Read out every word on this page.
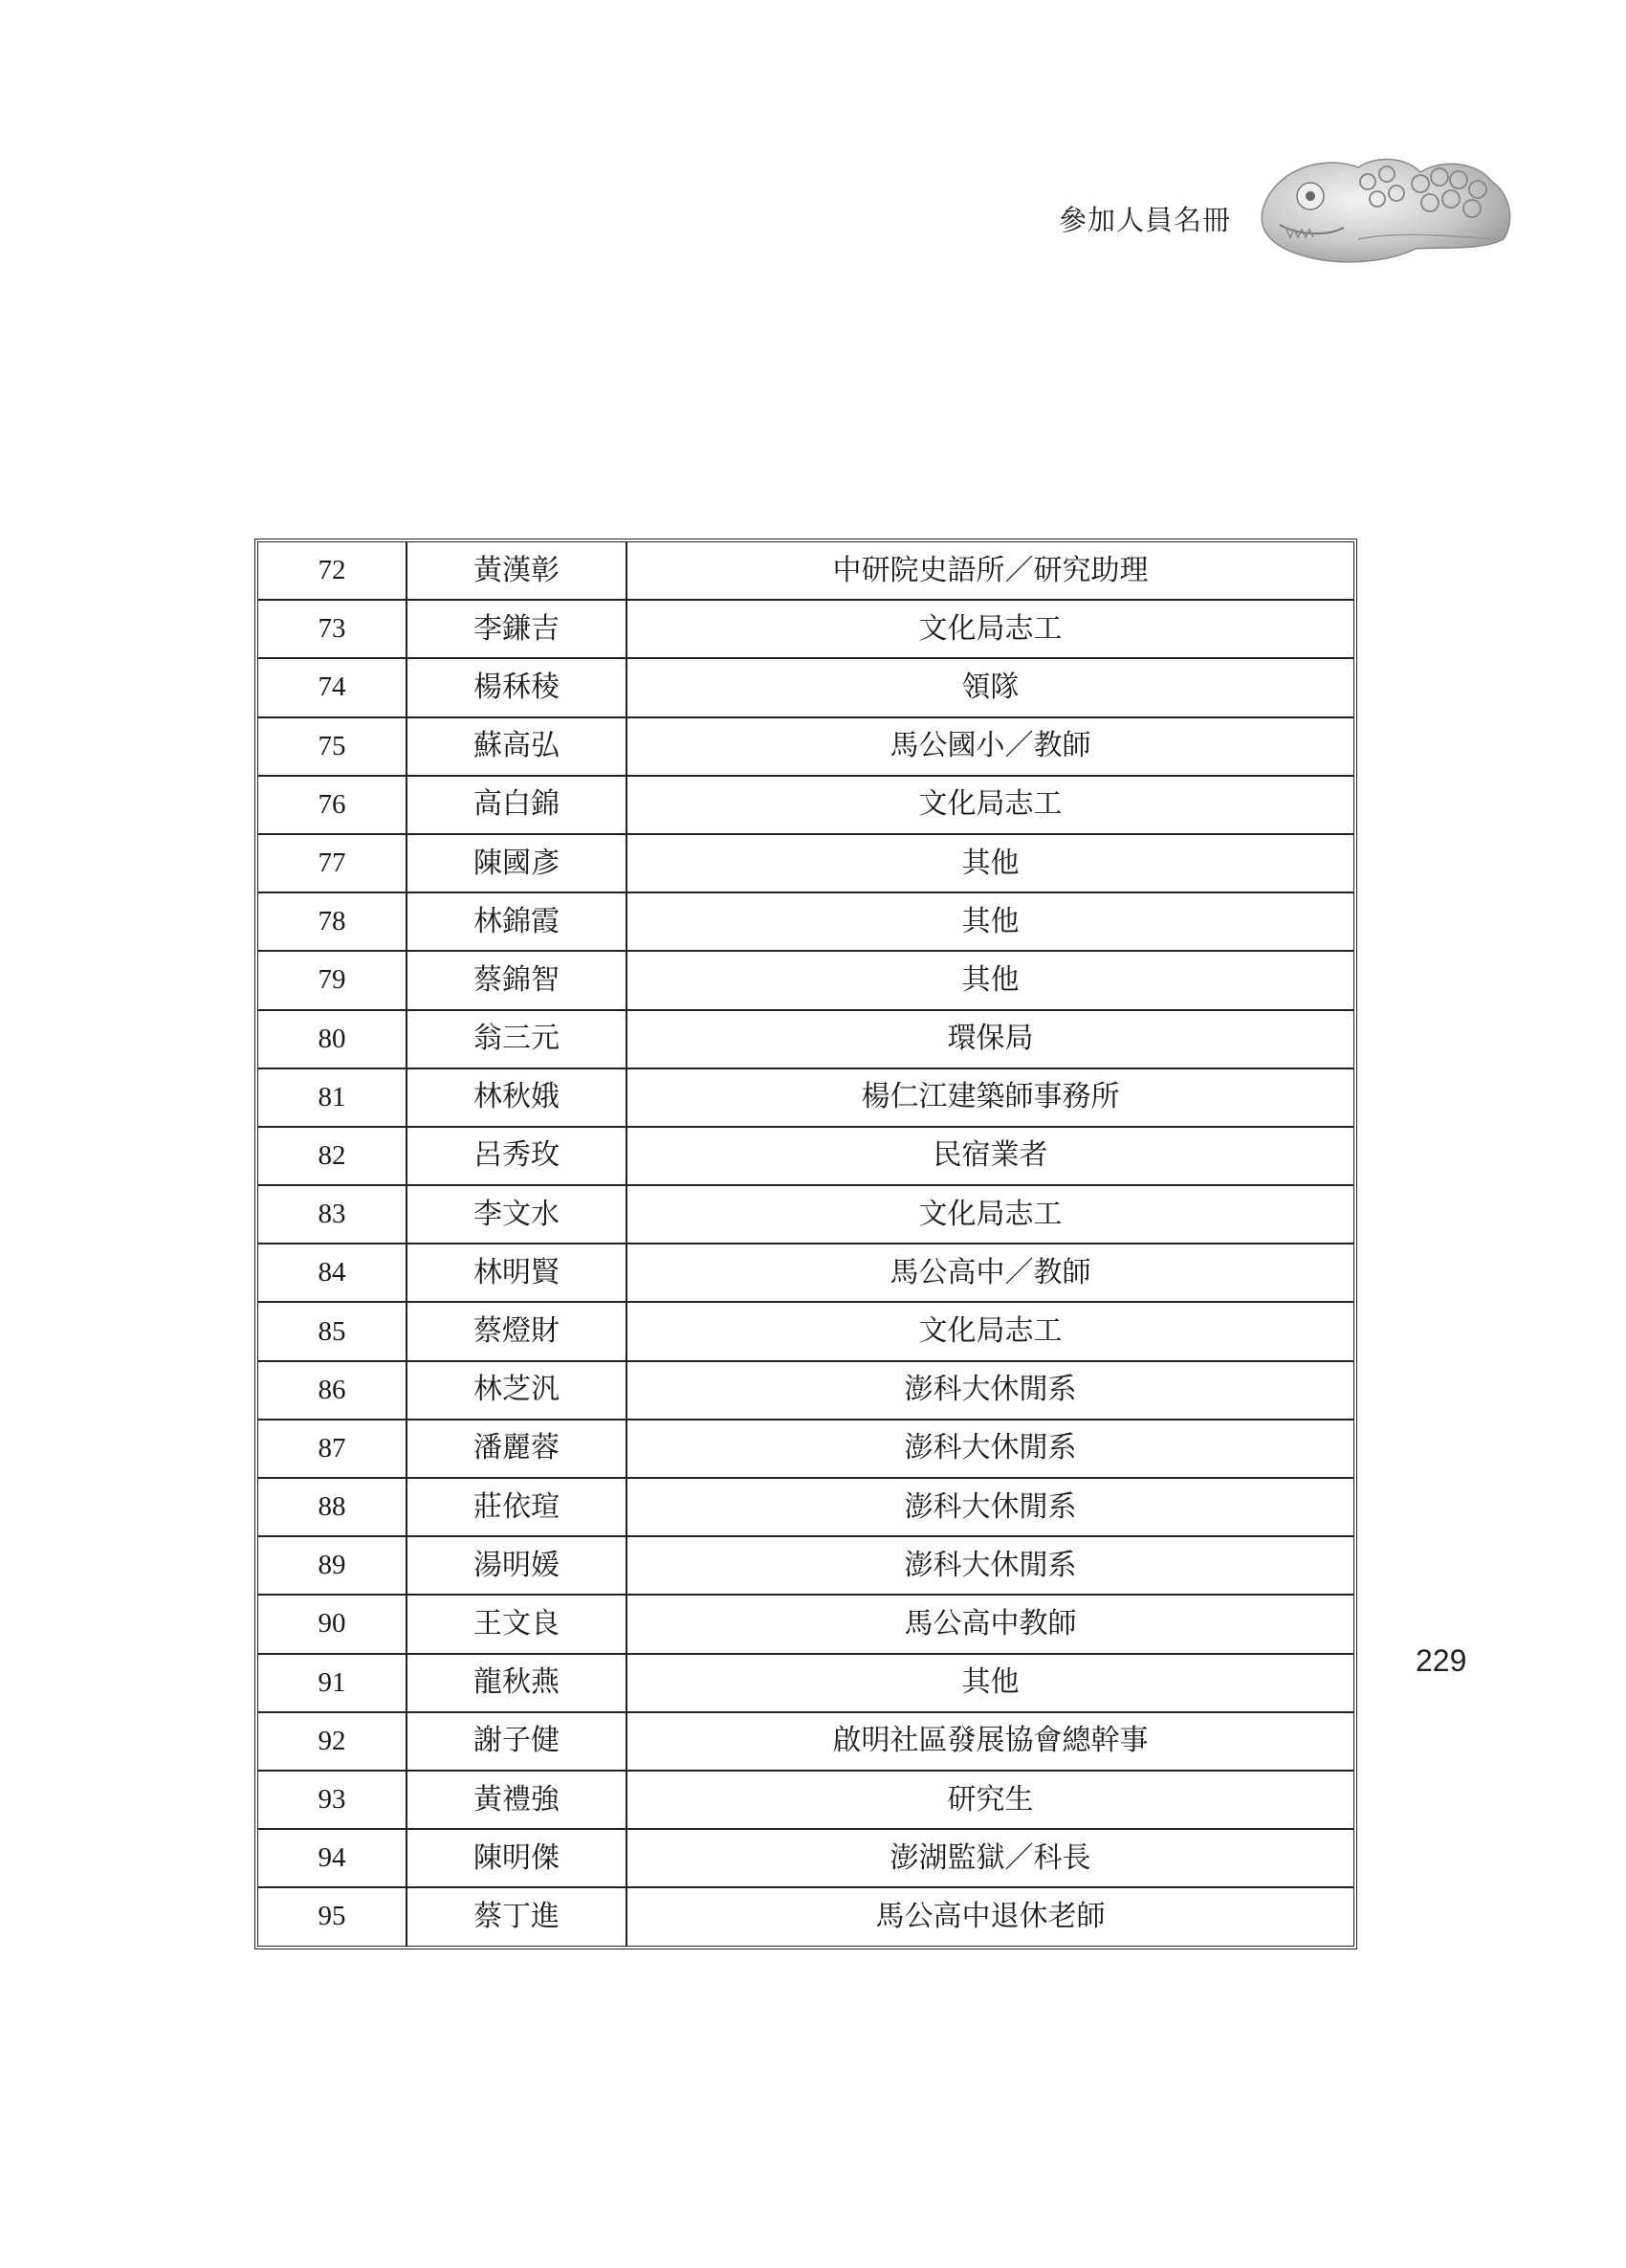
參加人員名冊
72	黃漢彰	中研院史語所／研究助理
73	李鎌吉	文化局志工
74	楊秝稜	領隊
75	蘇高弘	馬公國小／教師
76	高白錦	文化局志工
77	陳國彥	其他
78	林錦霞	其他
79	蔡錦智	其他
80	翁三元	環保局
81	林秋娥	楊仁江建築師事務所
82	呂秀玫	民宿業者
83	李文水	文化局志工
84	林明賢	馬公高中／教師
85	蔡燈財	文化局志工
86	林芝汎	澎科大休閒系
87	潘麗蓉	澎科大休閒系
88	莊依瑄	澎科大休閒系
89	湯明媛	澎科大休閒系
90	王文良	馬公高中教師
91	龍秋燕	其他
92	謝子健	啟明社區發展協會總幹事
93	黃禮強	研究生
94	陳明傑	澎湖監獄／科長
95	蔡丁進	馬公高中退休老師
229
